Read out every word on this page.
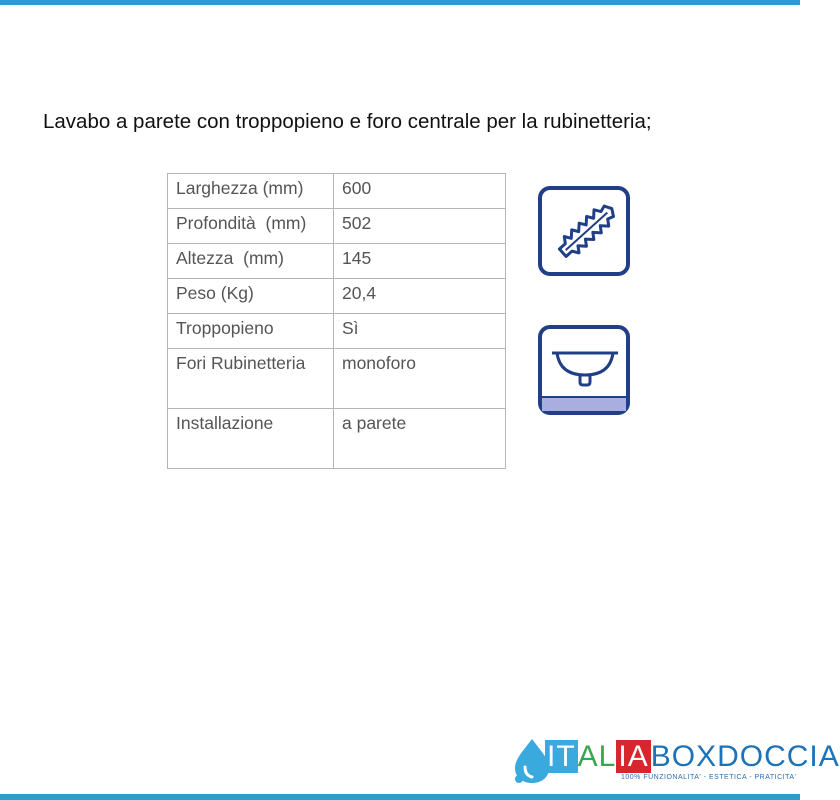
Lavabo a parete con troppopieno e foro centrale per la rubinetteria;
Larghezza (mm)	600
Profondità  (mm)	502
Altezza  (mm)	145
Peso (Kg)	20,4
Troppopieno	Sì
Fori Rubinetteria	monoforo
Installazione	a parete
ITALIABOXDOCCIA
100% FUNZIONALITA' - ESTETICA - PRATICITA'
